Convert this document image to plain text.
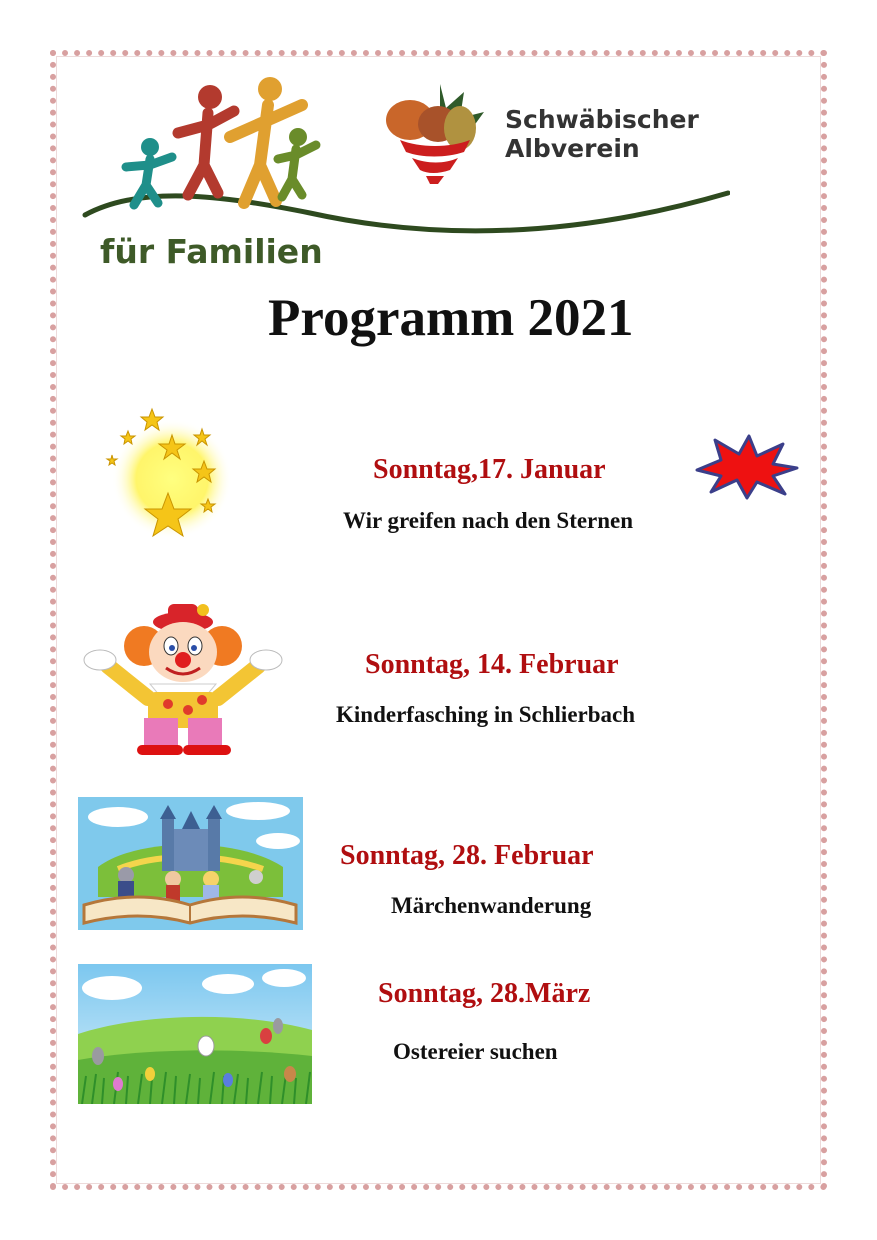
für Familien
Schwäbischer
Albverein
Programm 2021
Sonntag,17. Januar
Wir greifen nach den Sternen
Sonntag, 14. Februar
Kinderfasching in Schlierbach
Sonntag, 28. Februar
Märchenwanderung
Sonntag, 28.März
Ostereier suchen
